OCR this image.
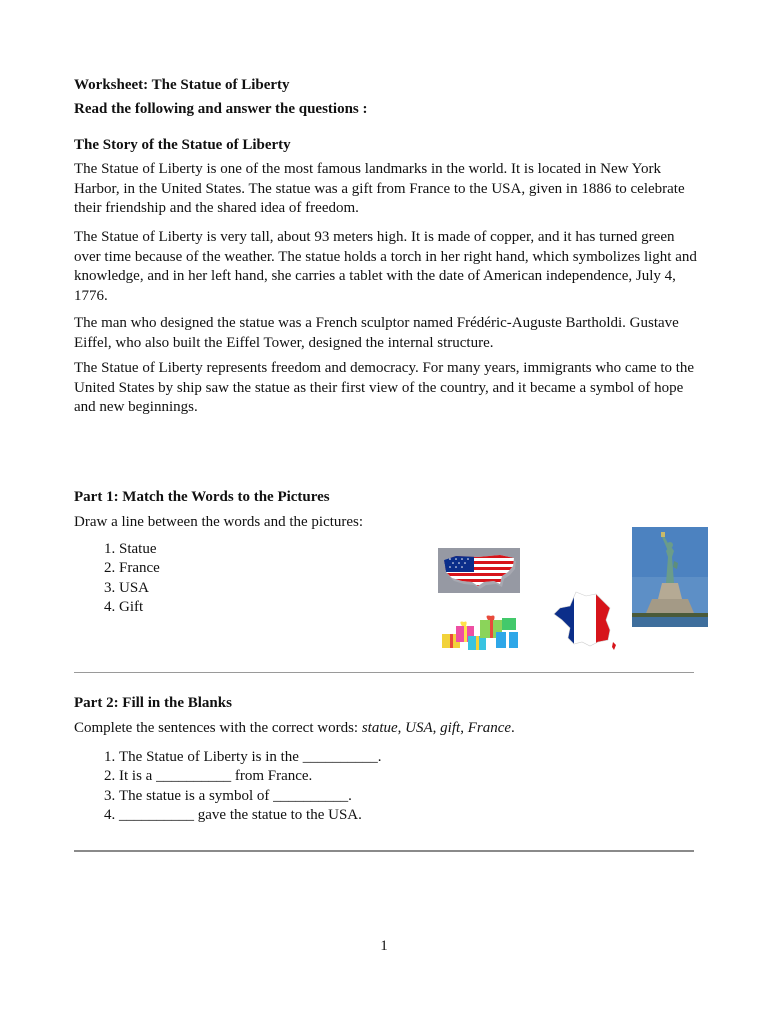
Worksheet: The Statue of Liberty
Read the following and answer the questions :
The Story of the Statue of Liberty

The Statue of Liberty is one of the most famous landmarks in the world. It is located in New York Harbor, in the United States. The statue was a gift from France to the USA, given in 1886 to celebrate their friendship and the shared idea of freedom.

The Statue of Liberty is very tall, about 93 meters high. It is made of copper, and it has turned green over time because of the weather. The statue holds a torch in her right hand, which symbolizes light and knowledge, and in her left hand, she carries a tablet with the date of American independence, July 4, 1776.

The man who designed the statue was a French sculptor named Frédéric-Auguste Bartholdi. Gustave Eiffel, who also built the Eiffel Tower, designed the internal structure.

The Statue of Liberty represents freedom and democracy. For many years, immigrants who came to the United States by ship saw the statue as their first view of the country, and it became a symbol of hope and new beginnings.

Part 1: Match the Words to the Pictures
Draw a line between the words and the pictures:
1. Statue
2. France
3. USA
4. Gift
Part 2: Fill in the Blanks
Complete the sentences with the correct words: statue, USA, gift, France.
1. The Statue of Liberty is in the __________.
2. It is a __________ from France.
3. The statue is a symbol of __________.
4. __________ gave the statue to the USA.
1
